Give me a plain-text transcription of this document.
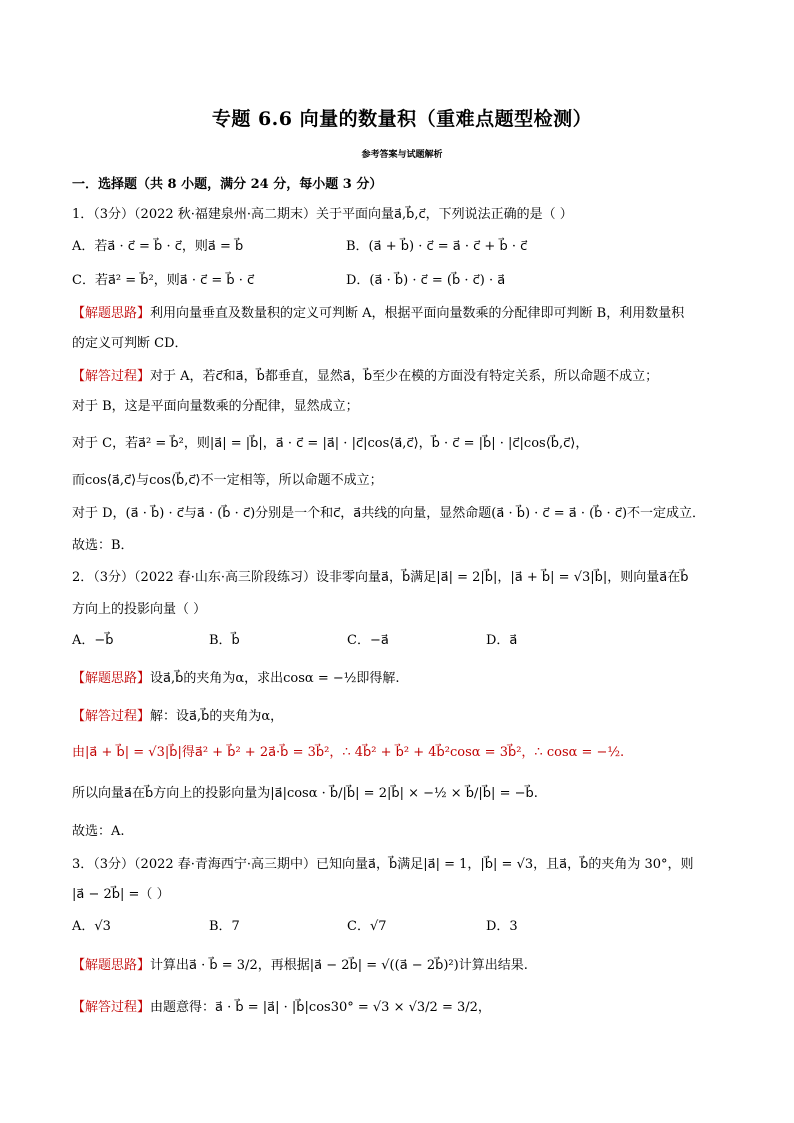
专题 6.6 向量的数量积（重难点题型检测）
参考答案与试题解析
一．选择题（共 8 小题，满分 24 分，每小题 3 分）
1．（3分）（2022 秋·福建泉州·高二期末）关于平面向量a⃗,b⃗,c⃗，下列说法正确的是（ ）
A．若a⃗ · c⃗ = b⃗ · c⃗，则a⃗ = b⃗	B．(a⃗ + b⃗) · c⃗ = a⃗ · c⃗ + b⃗ · c⃗
C．若a⃗² = b⃗²，则a⃗ · c⃗ = b⃗ · c⃗	D．(a⃗ · b⃗) · c⃗ = (b⃗ · c⃗) · a⃗
【解题思路】利用向量垂直及数量积的定义可判断 A，根据平面向量数乘的分配律即可判断 B，利用数量积
的定义可判断 CD．
【解答过程】对于 A，若c⃗和a⃗，b⃗都垂直，显然a⃗，b⃗至少在模的方面没有特定关系，所以命题不成立；
对于 B，这是平面向量数乘的分配律，显然成立；
对于 C，若a⃗² = b⃗²，则|a⃗| = |b⃗|，a⃗ · c⃗ = |a⃗| · |c⃗|cos⟨a⃗,c⃗⟩，b⃗ · c⃗ = |b⃗| · |c⃗|cos⟨b⃗,c⃗⟩，
而cos⟨a⃗,c⃗⟩与cos⟨b⃗,c⃗⟩不一定相等，所以命题不成立；
对于 D，(a⃗ · b⃗) · c⃗与a⃗ · (b⃗ · c⃗)分别是一个和c⃗，a⃗共线的向量，显然命题(a⃗ · b⃗) · c⃗ = a⃗ · (b⃗ · c⃗)不一定成立．
故选：B．
2．（3分）（2022 春·山东·高三阶段练习）设非零向量a⃗，b⃗满足|a⃗| = 2|b⃗|，|a⃗ + b⃗| = √3|b⃗|，则向量a⃗在b⃗
方向上的投影向量（ ）
A．−b⃗	B．b⃗	C．−a⃗	D．a⃗
【解题思路】设a⃗,b⃗的夹角为α，求出cosα = −½即得解.
【解答过程】解：设a⃗,b⃗的夹角为α，
由|a⃗ + b⃗| = √3|b⃗|得a⃗² + b⃗² + 2a⃗·b⃗ = 3b⃗²，∴ 4b⃗² + b⃗² + 4b⃗²cosα = 3b⃗²，∴ cosα = −½.
所以向量a⃗在b⃗方向上的投影向量为|a⃗|cosα · b⃗/|b⃗| = 2|b⃗| × −½ × b⃗/|b⃗| = −b⃗.
故选：A.
3．（3分）（2022 春·青海西宁·高三期中）已知向量a⃗，b⃗满足|a⃗| = 1，|b⃗| = √3，且a⃗，b⃗的夹角为 30°，则
|a⃗ − 2b⃗| =（ ）
A．√3	B．7	C．√7	D．3
【解题思路】计算出a⃗ · b⃗ = 3/2，再根据|a⃗ − 2b⃗| = √((a⃗ − 2b⃗)²)计算出结果.
【解答过程】由题意得：a⃗ · b⃗ = |a⃗| · |b⃗|cos30° = √3 × √3/2 = 3/2，
